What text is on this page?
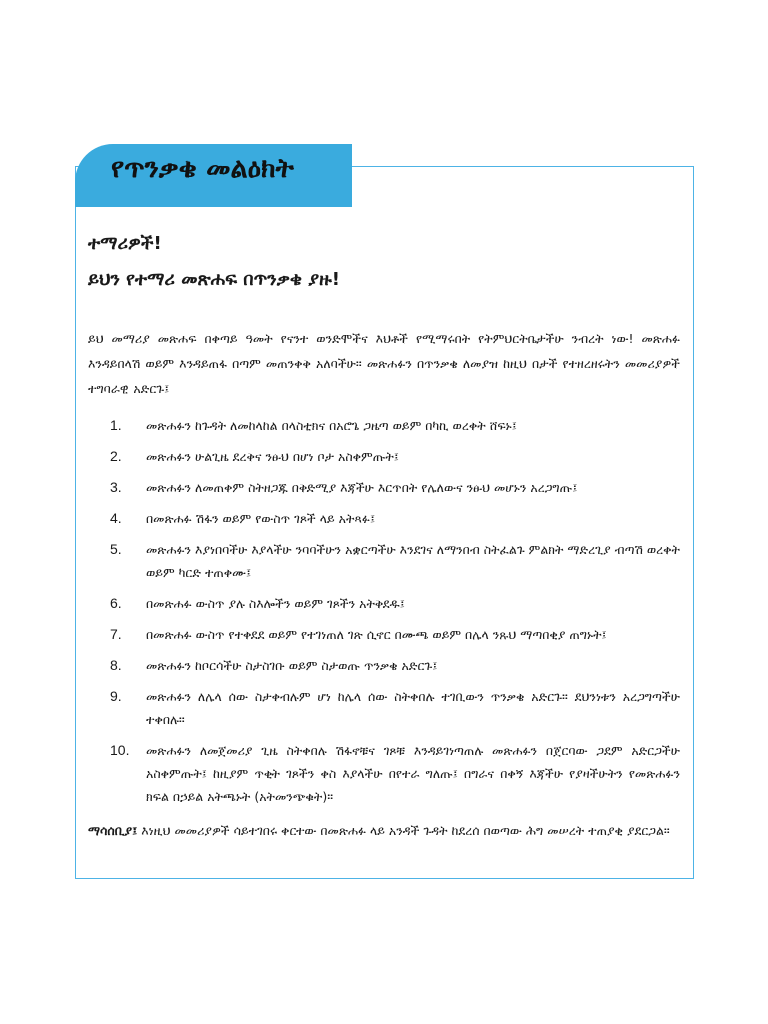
የጥንቃቄ መልዕክት

ተማሪዎች!

ይህን የተማሪ መጽሐፍ በጥንቃቄ ያዙ!

ይህ መማሪያ መጽሐፍ በቀጣይ ዓመት የናንተ ወንድሞችና እህቶች የሚማሩበት የትምህርትቤታችሁ ንብረት ነው! መጽሐፉ እንዳይበላሽ ወይም እንዳይጠፋ በጣም መጠንቀቅ አለባችሁ። መጽሐፉን በጥንቃቄ ለመያዝ ከዚህ በታች የተዘረዘሩትን መመሪያዎች ተግባራዊ አድርጉ፤

1. መጽሐፉን ከጉዳት ለመከላከል በላስቲክና በአሮጌ ጋዜጣ ወይም በካኪ ወረቀት ሸፍኑ፤
2. መጽሐፉን ሁልጊዜ ደረቅና ንፁህ በሆነ ቦታ አስቀምጡት፤
3. መጽሐፉን ለመጠቀም ስትዘጋጁ በቅድሚያ እጃችሁ እርጥበት የሌለውና ንፁህ መሆኑን አረጋግጡ፤
4. በመጽሐፉ ሽፋን ወይም የውስጥ ገጾች ላይ አትጻፉ፤
5. መጽሐፉን እያነበባችሁ እያላችሁ ንባባችሁን አቋርጣችሁ እንደገና ለማንበብ ስትፈልጉ ምልክት ማድረጊያ ብጣሽ ወረቀት ወይም ካርድ ተጠቀሙ፤
6. በመጽሐፉ ውስጥ ያሉ ስእሎችን ወይም ገጾችን አትቅደዱ፤
7. በመጽሐፉ ውስጥ የተቀደደ ወይም የተገነጠለ ገጽ ሲኖር በሙጫ ወይም በሌላ ንጹህ ማጣበቂያ ጠግኑት፤
8. መጽሐፉን ከቦርሳችሁ ስታስገቡ ወይም ስታወጡ ጥንቃቄ አድርጉ፤
9. መጽሐፉን ለሌላ ሰው ስታቀብሉም ሆነ ከሌላ ሰው ስትቀበሉ ተገቢውን ጥንቃቄ አድርጉ። ደህንነቱን አረጋግጣችሁ ተቀበሉ።
10. መጽሐፉን ለመጀመሪያ ጊዜ ስትቀበሉ ሽፋኖቹና ገጾቹ እንዳይገነጣጠሉ መጽሐፉን በጀርባው ጋደም አድርጋችሁ አስቀምጡት፤ ከዚያም ጥቂት ገጾችን ቀስ እያላችሁ በየተራ ግለጡ፤ በግራና በቀኝ እጃችሁ የያዛችሁትን የመጽሐፉን ክፍል በኃይል አትጫኑት (አትመንጭቁት)።

ማሳሰቢያ፤ እነዚህ መመሪያዎች ሳይተገበሩ ቀርተው በመጽሐፉ ላይ አንዳች ጉዳት ከደረሰ በወጣው ሕግ መሠረት ተጠያቂ ያደርጋል።
